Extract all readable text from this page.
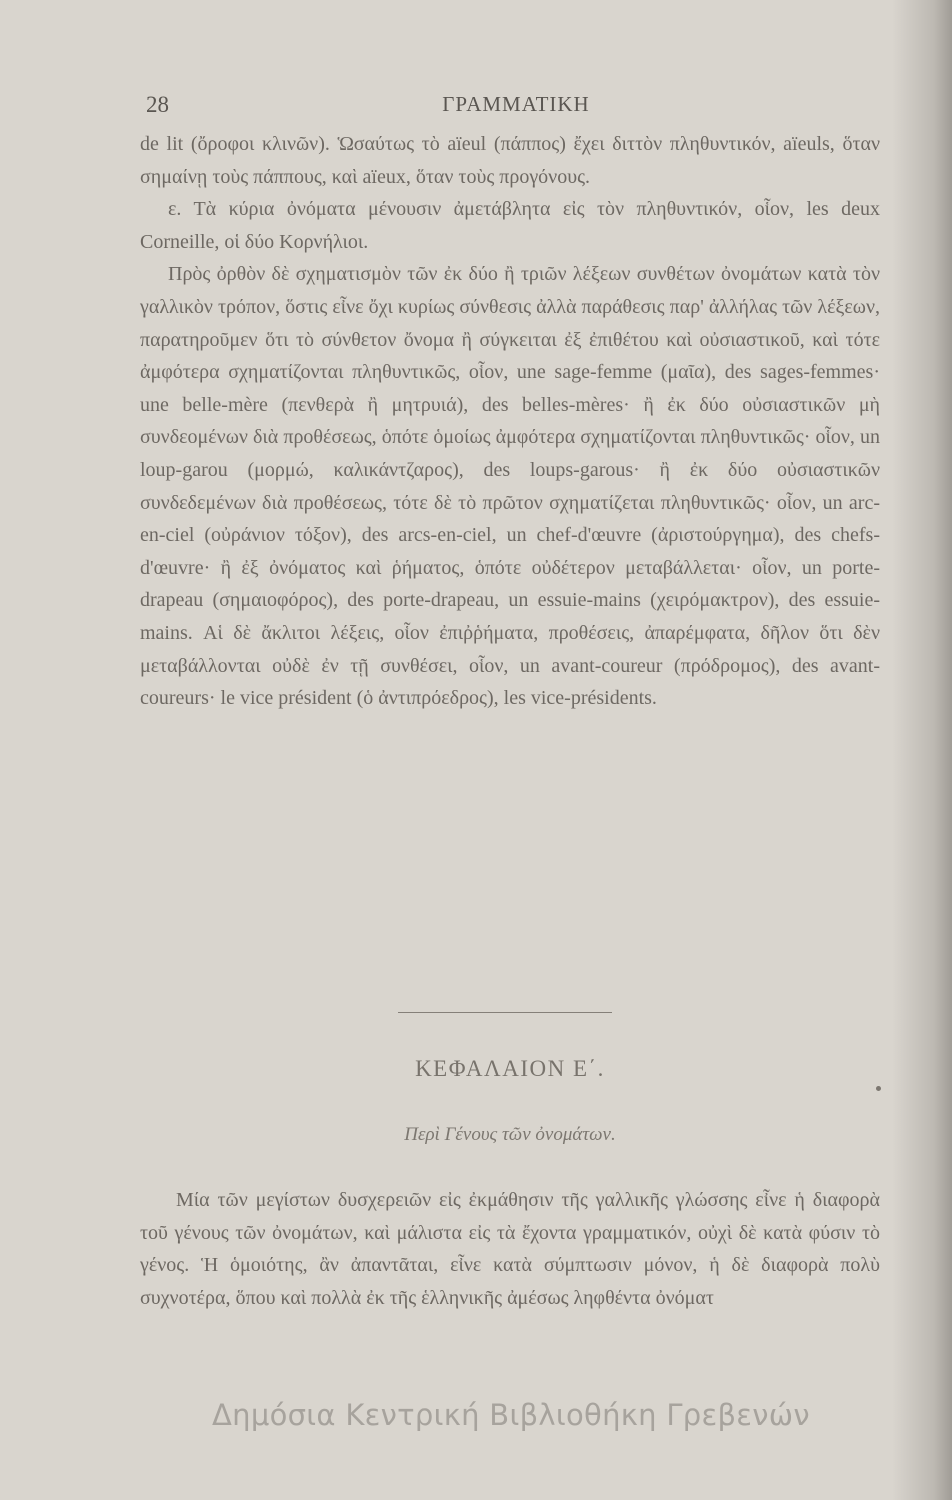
28	ΓΡΑΜΜΑΤΙΚΗ

de lit (ὄροφοι κλινῶν). Ὡσαύτως τὸ aïeul (πάππος) ἔχει διττὸν πληθυντικόν, aïeuls, ὅταν σημαίνῃ τοὺς πάππους, καὶ aïeux, ὅταν τοὺς προγόνους.

ε. Τὰ κύρια ὀνόματα μένουσιν ἀμετάβλητα εἰς τὸν πληθυντικόν, οἷον, les deux Corneille, οἱ δύο Κορνήλιοι.

Πρὸς ὀρθὸν δὲ σχηματισμὸν τῶν ἐκ δύο ἢ τριῶν λέξεων συνθέτων ὀνομάτων κατὰ τὸν γαλλικὸν τρόπον, ὅστις εἶνε ὄχι κυρίως σύνθεσις ἀλλὰ παράθεσις παρ' ἀλλήλας τῶν λέξεων, παρατηροῦμεν ὅτι τὸ σύνθετον ὄνομα ἢ σύγκειται ἐξ ἐπιθέτου καὶ οὐσιαστικοῦ, καὶ τότε ἀμφότερα σχηματίζονται πληθυντικῶς, οἷον, une sage-femme (μαῖα), des sages-femmes· une belle-mère (πενθερὰ ἢ μητρυιά), des belles-mères· ἢ ἐκ δύο οὐσιαστικῶν μὴ συνδεομένων διὰ προθέσεως, ὁπότε ὁμοίως ἀμφότερα σχηματίζονται πληθυντικῶς· οἷον, un loup-garou (μορμώ, καλικάντζαρος), des loups-garous· ἢ ἐκ δύο οὐσιαστικῶν συνδεδεμένων διὰ προθέσεως, τότε δὲ τὸ πρῶτον σχηματίζεται πληθυντικῶς· οἷον, un arc-en-ciel (οὐράνιον τόξον), des arcs-en-ciel, un chef-d'œuvre (ἀριστούργημα), des chefs-d'œuvre· ἢ ἐξ ὀνόματος καὶ ῥήματος, ὁπότε οὐδέτερον μεταβάλλεται· οἷον, un porte-drapeau (σημαιοφόρος), des porte-drapeau, un essuie-mains (χειρόμακτρον), des essuie-mains. Αἱ δὲ ἄκλιτοι λέξεις, οἷον ἐπιῤῥήματα, προθέσεις, ἀπαρέμφατα, δῆλον ὅτι δὲν μεταβάλλονται οὐδὲ ἐν τῇ συνθέσει, οἷον, un avant-coureur (πρόδρομος), des avant-coureurs· le vice président (ὁ ἀντιπρόεδρος), les vice-présidents.

ΚΕΦΑΛΑΙΟΝ Ε΄.
Περὶ Γένους τῶν ὀνομάτων.

Μία τῶν μεγίστων δυσχερειῶν εἰς ἐκμάθησιν τῆς γαλλικῆς γλώσσης εἶνε ἡ διαφορὰ τοῦ γένους τῶν ὀνομάτων, καὶ μάλιστα εἰς τὰ ἔχοντα γραμματικόν, οὐχὶ δὲ κατὰ φύσιν τὸ γένος. Ἡ ὁμοιότης, ἂν ἀπαντᾶται, εἶνε κατὰ σύμπτωσιν μόνον, ἡ δὲ διαφορὰ πολὺ συχνοτέρα, ὅπου καὶ πολλὰ ἐκ τῆς ἑλληνικῆς ἀμέσως ληφθέντα ὀνόματ

Δημόσια Κεντρική Βιβλιοθήκη Γρεβενών
